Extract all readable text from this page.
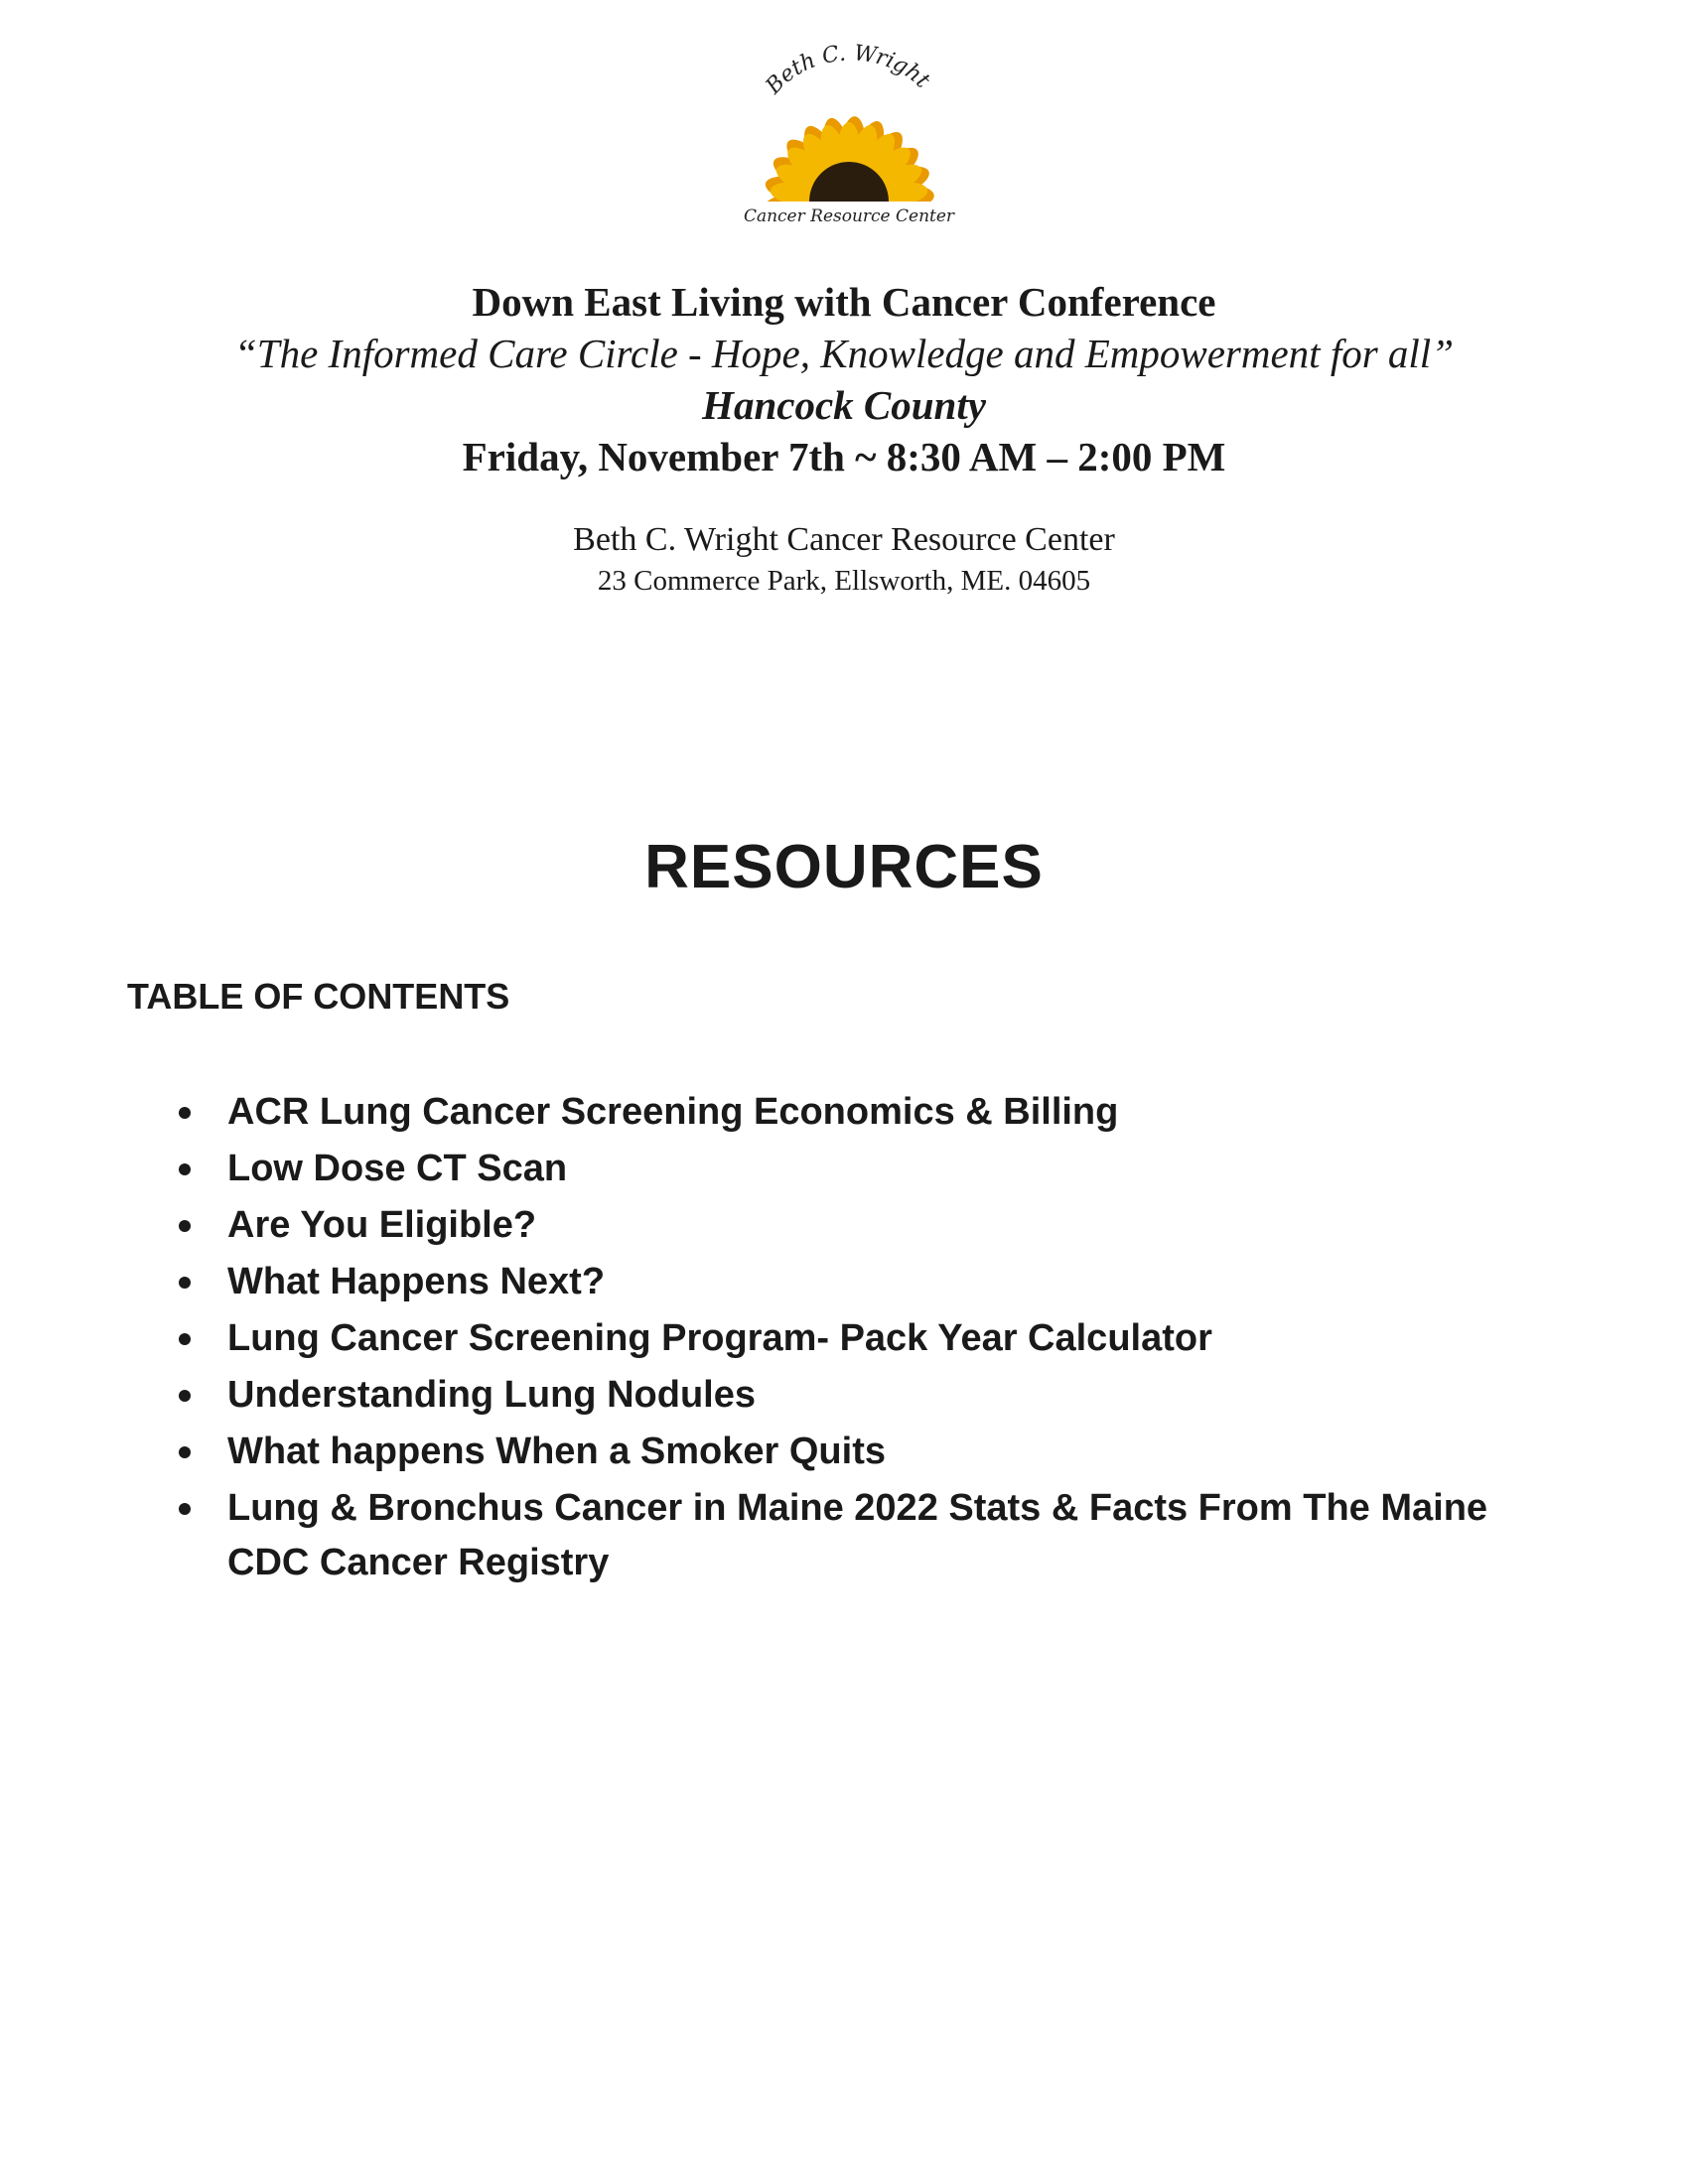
Beth C. Wright
Cancer Resource Center
Down East Living with Cancer Conference
“The Informed Care Circle - Hope, Knowledge and Empowerment for all”
Hancock County
Friday, November 7th ~ 8:30 AM – 2:00 PM
Beth C. Wright Cancer Resource Center
23 Commerce Park, Ellsworth, ME. 04605
RESOURCES
TABLE OF CONTENTS
ACR Lung Cancer Screening Economics & Billing
Low Dose CT Scan
Are You Eligible?
What Happens Next?
Lung Cancer Screening Program- Pack Year Calculator
Understanding Lung Nodules
What happens When a Smoker Quits
Lung & Bronchus Cancer in Maine 2022 Stats & Facts From The Maine CDC Cancer Registry
